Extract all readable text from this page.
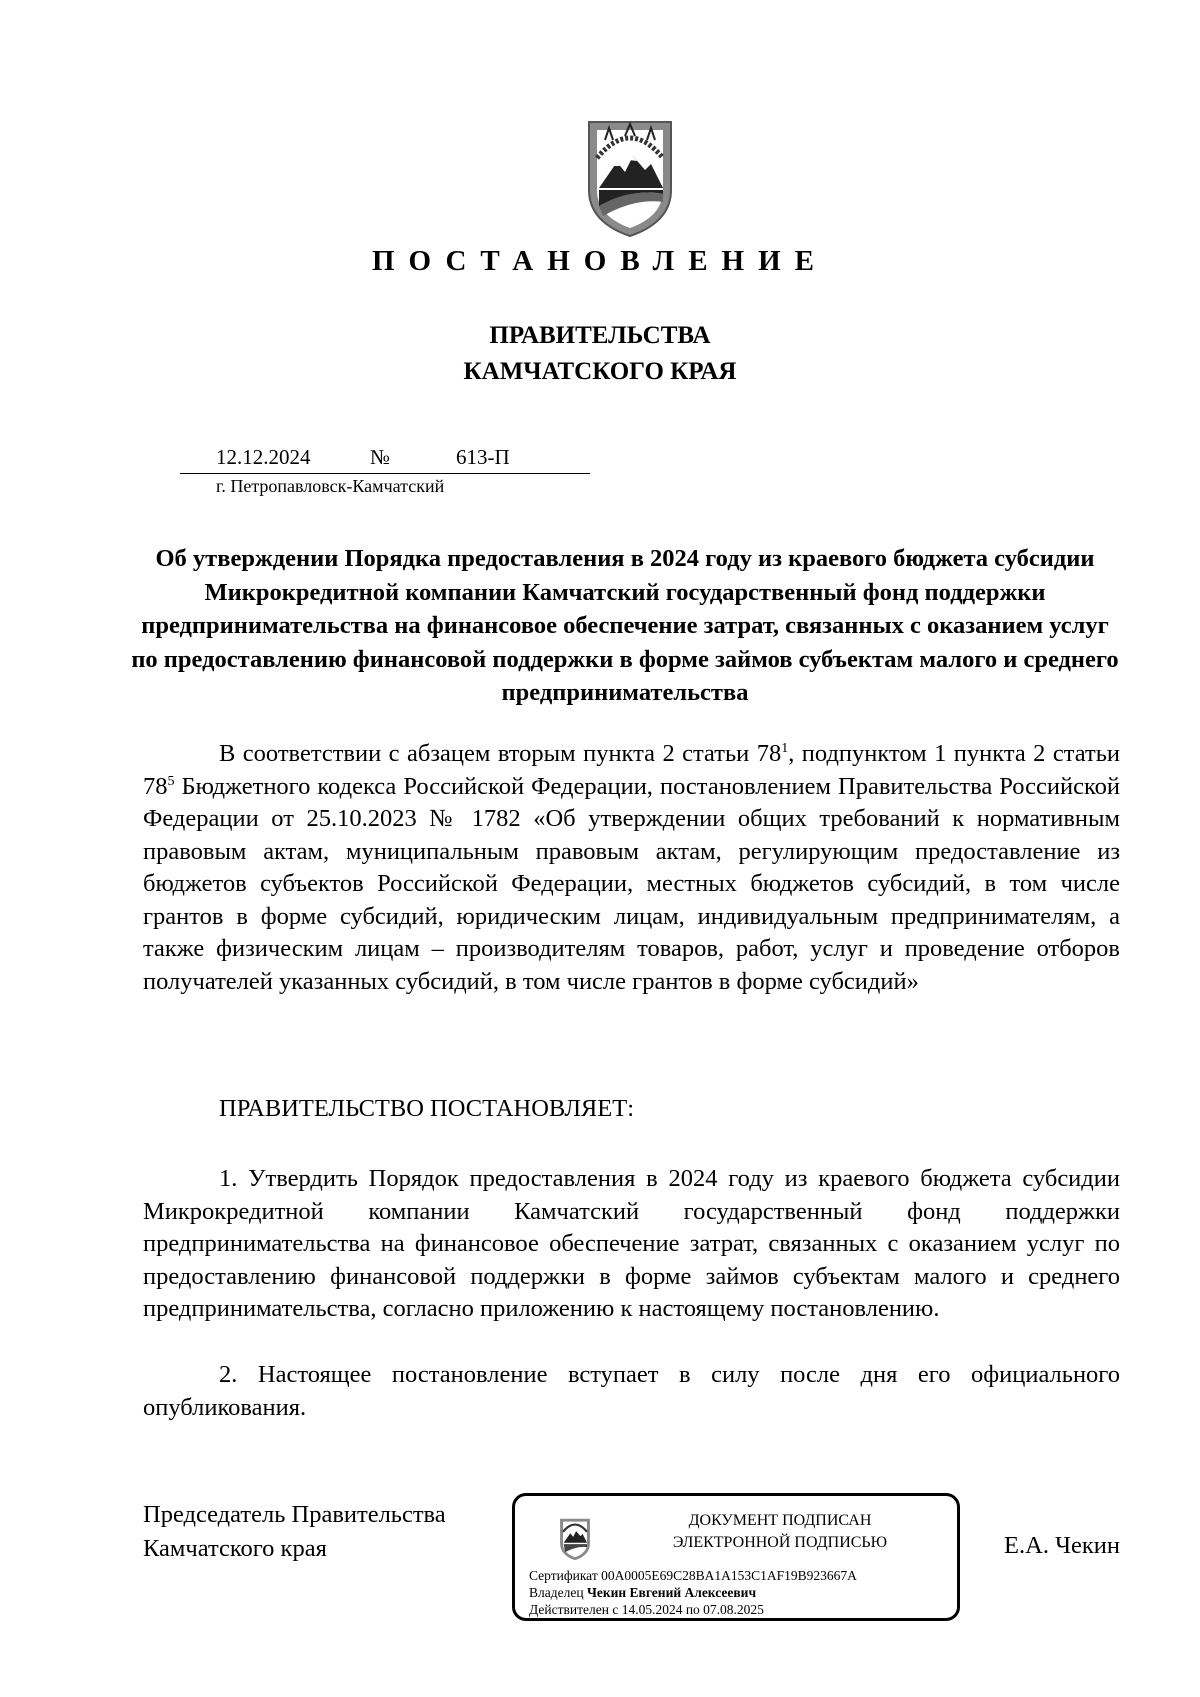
ПОСТАНОВЛЕНИЕ
ПРАВИТЕЛЬСТВА
КАМЧАТСКОГО КРАЯ
12.12.2024	№	613-П
г. Петропавловск-Камчатский
Об утверждении Порядка предоставления в 2024 году из краевого бюджета субсидии Микрокредитной компании Камчатский государственный фонд поддержки предпринимательства на финансовое обеспечение затрат, связанных с оказанием услуг по предоставлению финансовой поддержки в форме займов субъектам малого и среднего предпринимательства
В соответствии с абзацем вторым пункта 2 статьи $78^1$, подпунктом 1 пункта 2 статьи $78^5$ Бюджетного кодекса Российской Федерации, постановлением Правительства Российской Федерации от 25.10.2023 № 1782 «Об утверждении общих требований к нормативным правовым актам, муниципальным правовым актам, регулирующим предоставление из бюджетов субъектов Российской Федерации, местных бюджетов субсидий, в том числе грантов в форме субсидий, юридическим лицам, индивидуальным предпринимателям, а также физическим лицам – производителям товаров, работ, услуг и проведение отборов получателей указанных субсидий, в том числе грантов в форме субсидий»
ПРАВИТЕЛЬСТВО ПОСТАНОВЛЯЕТ:
1. Утвердить Порядок предоставления в 2024 году из краевого бюджета субсидии Микрокредитной компании Камчатский государственный фонд поддержки предпринимательства на финансовое обеспечение затрат, связанных с оказанием услуг по предоставлению финансовой поддержки в форме займов субъектам малого и среднего предпринимательства, согласно приложению к настоящему постановлению.
2. Настоящее постановление вступает в силу после дня его официального опубликования.
Председатель Правительства
Камчатского края
ДОКУМЕНТ ПОДПИСАН
ЭЛЕКТРОННОЙ ПОДПИСЬЮ
Сертификат 00A0005E69C28BA1A153C1AF19B923667A
Владелец Чекин Евгений Алексеевич
Действителен с 14.05.2024 по 07.08.2025
Е.А. Чекин
